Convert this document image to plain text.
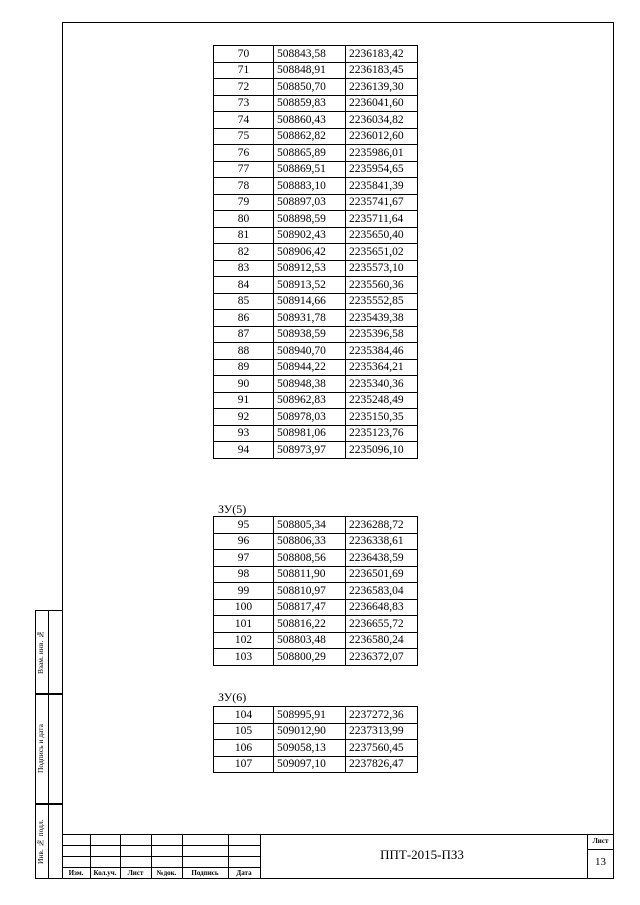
70	508843,58	2236183,42
71	508848,91	2236183,45
72	508850,70	2236139,30
73	508859,83	2236041,60
74	508860,43	2236034,82
75	508862,82	2236012,60
76	508865,89	2235986,01
77	508869,51	2235954,65
78	508883,10	2235841,39
79	508897,03	2235741,67
80	508898,59	2235711,64
81	508902,43	2235650,40
82	508906,42	2235651,02
83	508912,53	2235573,10
84	508913,52	2235560,36
85	508914,66	2235552,85
86	508931,78	2235439,38
87	508938,59	2235396,58
88	508940,70	2235384,46
89	508944,22	2235364,21
90	508948,38	2235340,36
91	508962,83	2235248,49
92	508978,03	2235150,35
93	508981,06	2235123,76
94	508973,97	2235096,10
ЗУ(5)
95	508805,34	2236288,72
96	508806,33	2236338,61
97	508808,56	2236438,59
98	508811,90	2236501,69
99	508810,97	2236583,04
100	508817,47	2236648,83
101	508816,22	2236655,72
102	508803,48	2236580,24
103	508800,29	2236372,07
ЗУ(6)
104	508995,91	2237272,36
105	509012,90	2237313,99
106	509058,13	2237560,45
107	509097,10	2237826,47
Взам. инв. №
Подпись и дата
Инв. № подл.
Изм.	Кол.уч.	Лист	№док.	Подпись	Дата
ППТ-2015-ПЗ3
Лист
13
